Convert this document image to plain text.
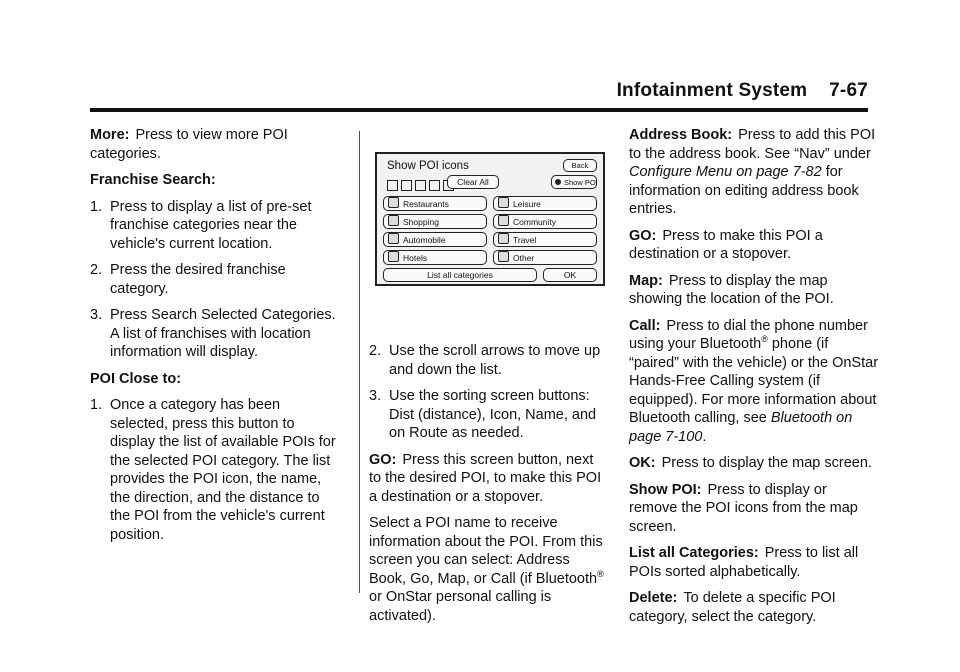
Infotainment System    7-67

More: Press to view more POI categories.

Franchise Search:

1. Press to display a list of pre-set franchise categories near the vehicle's current location.

2. Press the desired franchise category.

3. Press Search Selected Categories. A list of franchises with location information will display.

POI Close to:

1. Once a category has been selected, press this button to display the list of available POIs for the selected POI category. The list provides the POI icon, the name, the direction, and the distance to the POI from the vehicle's current position.

Show POI icons	Back
Clear All	Show POI
Restaurants
Shopping
Automobile
Hotels
Leisure
Community
Travel
Other
List all categories	OK

2. Use the scroll arrows to move up and down the list.

3. Use the sorting screen buttons: Dist (distance), Icon, Name, and on Route as needed.

GO: Press this screen button, next to the desired POI, to make this POI a destination or a stopover.

Select a POI name to receive information about the POI. From this screen you can select: Address Book, Go, Map, or Call (if Bluetooth® or OnStar personal calling is activated).

Address Book: Press to add this POI to the address book. See “Nav” under Configure Menu on page 7-82 for information on editing address book entries.

GO: Press to make this POI a destination or a stopover.

Map: Press to display the map showing the location of the POI.

Call: Press to dial the phone number using your Bluetooth® phone (if “paired” with the vehicle) or the OnStar Hands-Free Calling system (if equipped). For more information about Bluetooth calling, see Bluetooth on page 7-100.

OK: Press to display the map screen.

Show POI: Press to display or remove the POI icons from the map screen.

List all Categories: Press to list all POIs sorted alphabetically.

Delete: To delete a specific POI category, select the category.
